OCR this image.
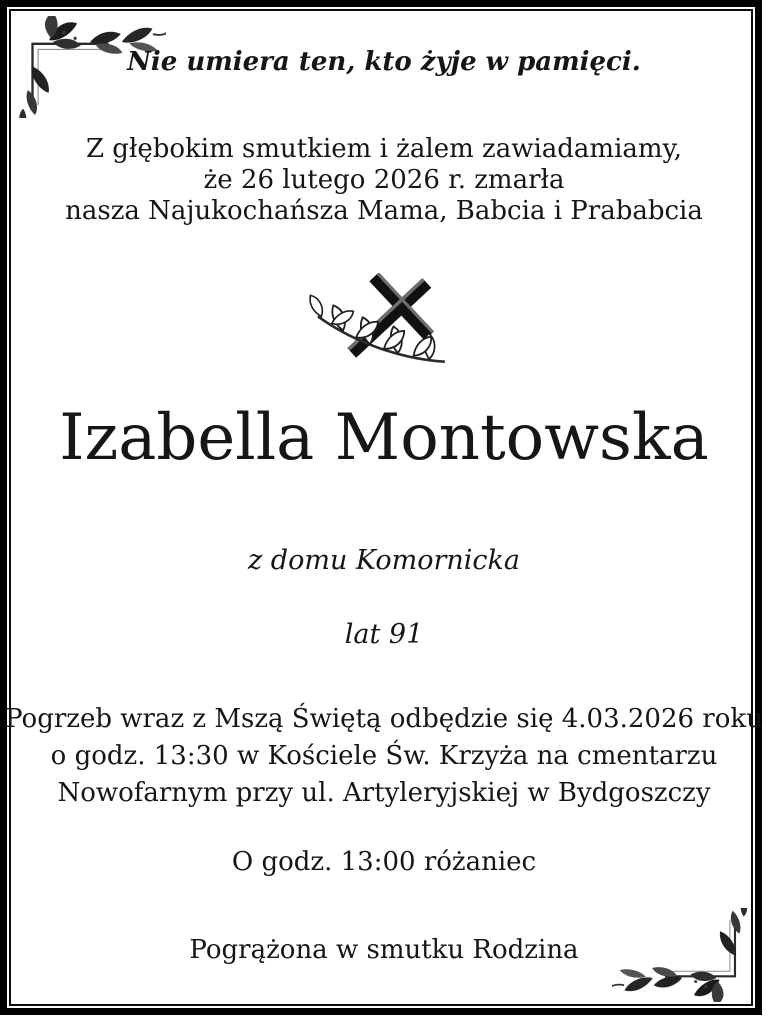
Nie umiera ten, kto żyje w pamięci.

Z głębokim smutkiem i żalem zawiadamiamy,
że 26 lutego 2026 r. zmarła
nasza Najukochańsza Mama, Babcia i Prababcia
Izabella Montowska
z domu Komornicka
lat 91
Pogrzeb wraz z Mszą Świętą odbędzie się 4.03.2026 roku
o godz. 13:30 w Kościele Św. Krzyża na cmentarzu
Nowofarnym przy ul. Artyleryjskiej w Bydgoszczy
O godz. 13:00 różaniec
Pogrążona w smutku Rodzina
